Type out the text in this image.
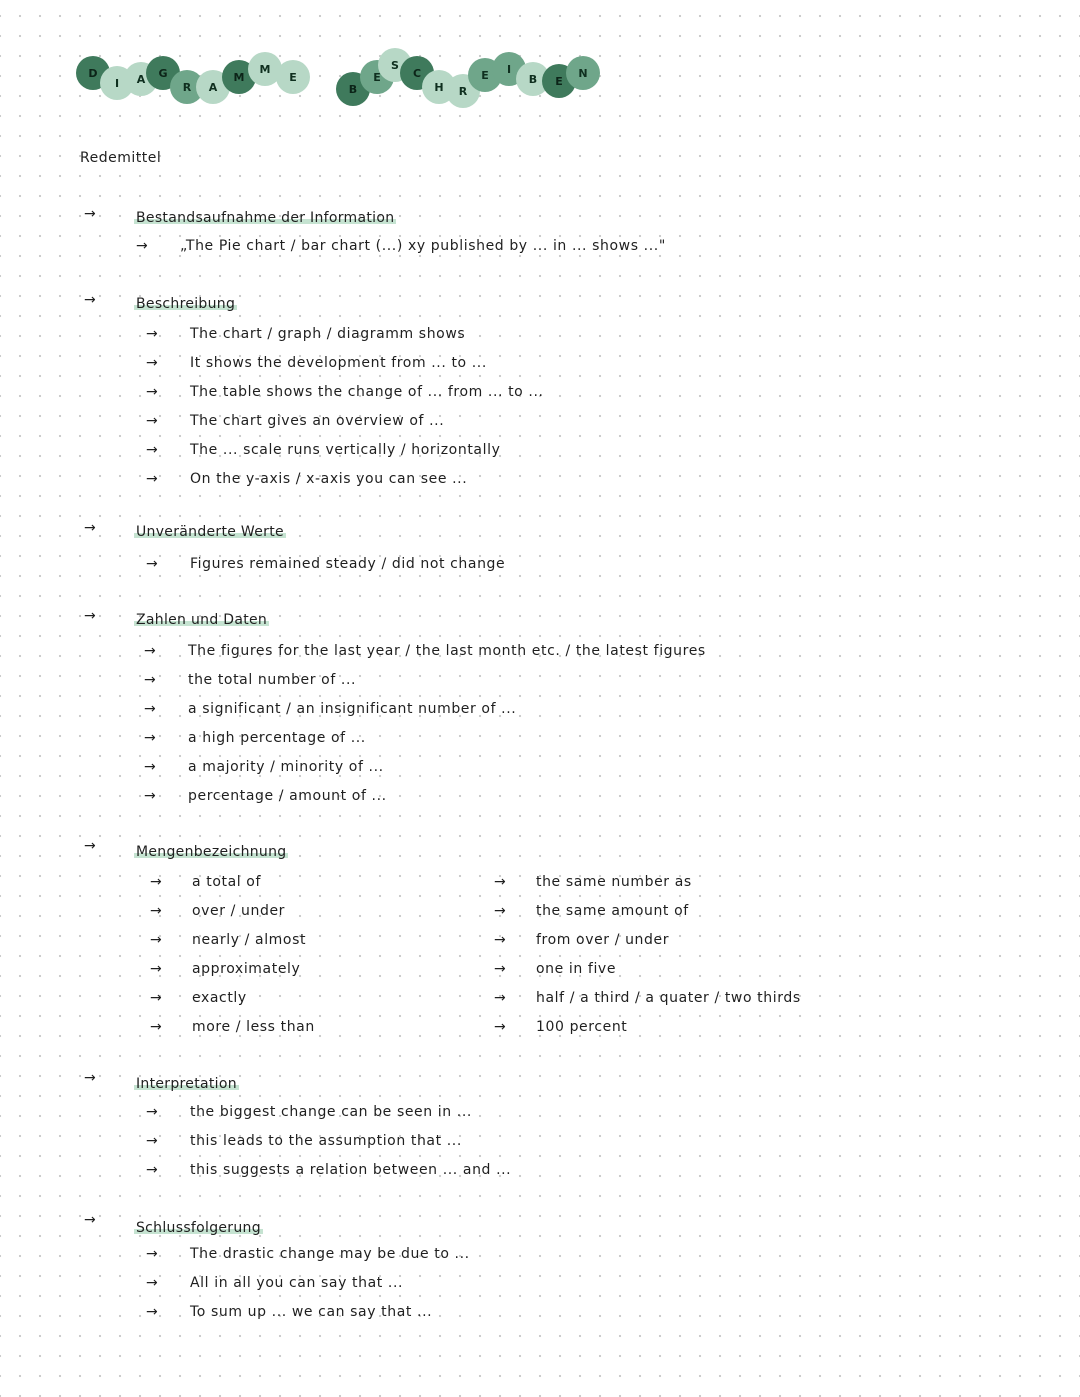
D
I	A	G
R	A
M
M
E
B
E
S
C
H	R
E	I
B	E
N
Redemittel
→	Bestandsaufnahme der Information
→ „The Pie chart / bar chart (...) xy published by ... in ... shows ..."
→	Beschreibung
→ The chart / graph / diagramm shows
→ It shows the development from ... to ...
→ The table shows the change of ... from ... to ...
→ The chart gives an overview of ...
→ The ... scale runs vertically / horizontally
→ On the y-axis / x-axis you can see ...
→	Unveränderte Werte
→ Figures remained steady / did not change
→	Zahlen und Daten
→ The figures for the last year / the last month etc. / the latest figures
→ the total number of ...
→ a significant / an insignificant number of ...
→ a high percentage of ...
→ a majority / minority of ...
→ percentage / amount of ...
→	Mengenbezeichnung
→ a total of
→ over / under
→ nearly / almost
→ approximately
→ exactly
→ more / less than
→ the same number as
→ the same amount of
→ from over / under
→ one in five
→ half / a third / a quater / two thirds
→ 100 percent
→	Interpretation
→ the biggest change can be seen in ...
→ this leads to the assumption that ...
→ this suggests a relation between ... and ...
→	Schlussfolgerung
→ The drastic change may be due to ...
→ All in all you can say that ...
→ To sum up ... we can say that ...
